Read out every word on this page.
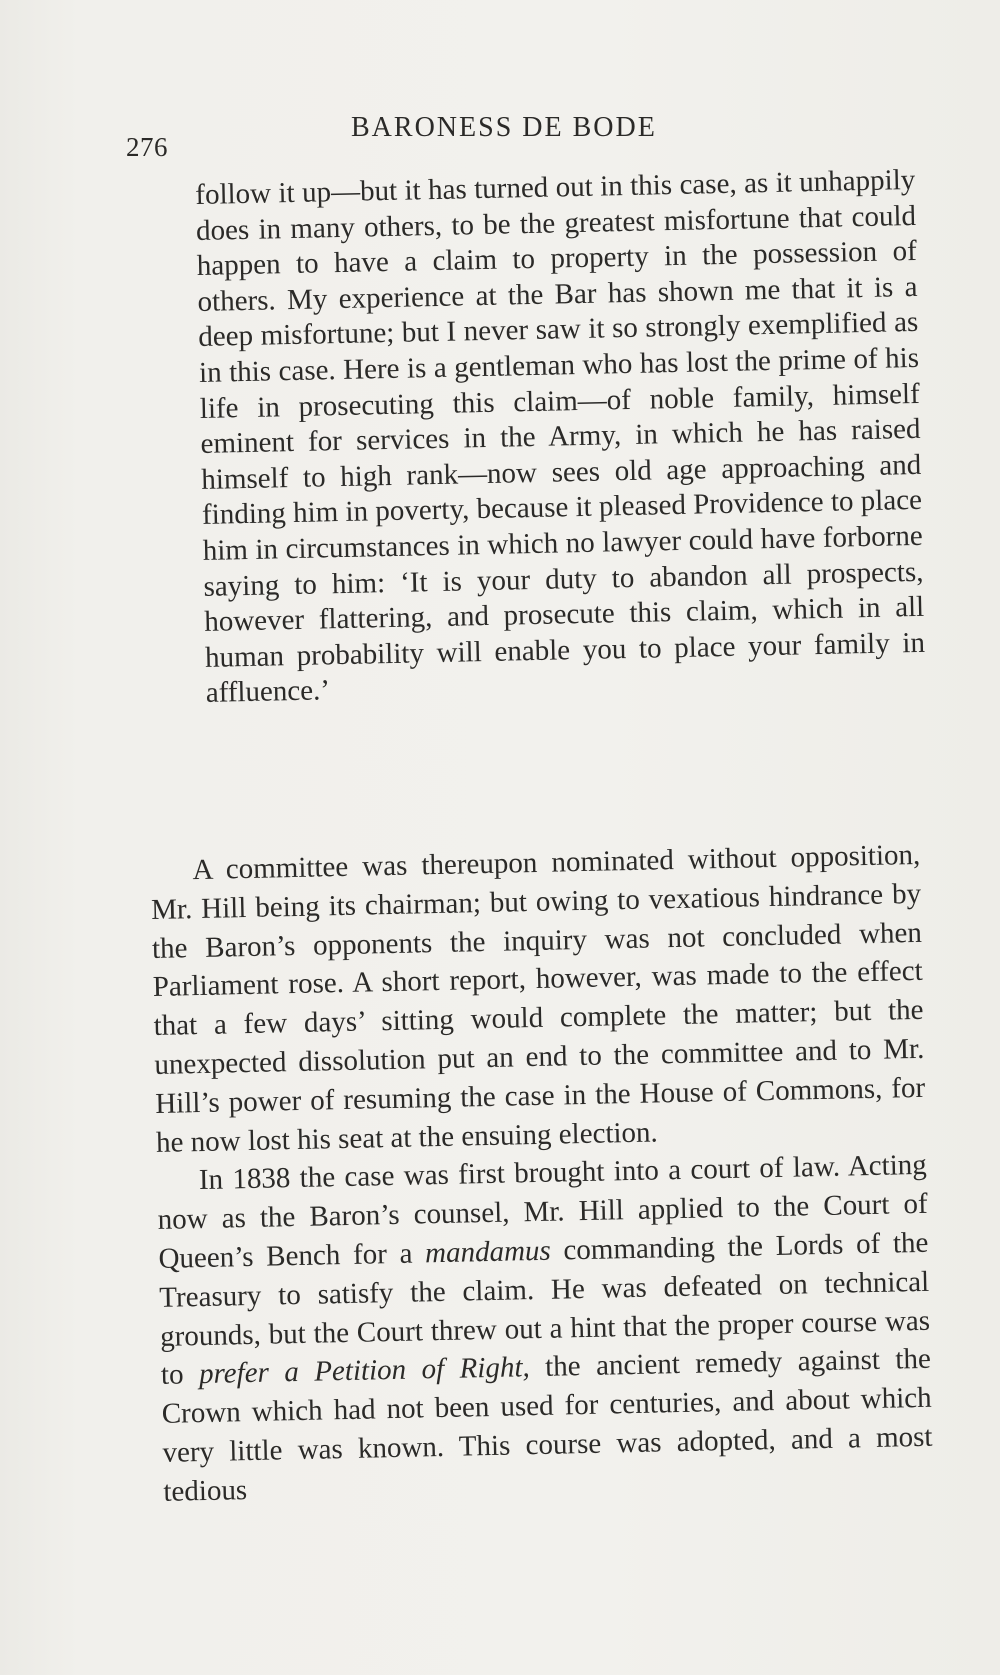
276
BARONESS DE BODE

follow it up—but it has turned out in this case, as it unhappily does in many others, to be the greatest misfortune that could happen to have a claim to property in the possession of others. My experience at the Bar has shown me that it is a deep misfortune; but I never saw it so strongly exemplified as in this case. Here is a gentleman who has lost the prime of his life in prosecuting this claim—of noble family, himself eminent for services in the Army, in which he has raised himself to high rank—now sees old age approaching and finding him in poverty, because it pleased Providence to place him in circumstances in which no lawyer could have forborne saying to him: ‘It is your duty to abandon all prospects, however flattering, and prosecute this claim, which in all human probability will enable you to place your family in affluence.’

A committee was thereupon nominated without opposition, Mr. Hill being its chairman; but owing to vexatious hindrance by the Baron’s opponents the inquiry was not concluded when Parliament rose. A short report, however, was made to the effect that a few days’ sitting would complete the matter; but the unexpected dissolution put an end to the committee and to Mr. Hill’s power of resuming the case in the House of Commons, for he now lost his seat at the ensuing election.

In 1838 the case was first brought into a court of law. Acting now as the Baron’s counsel, Mr. Hill applied to the Court of Queen’s Bench for a mandamus commanding the Lords of the Treasury to satisfy the claim. He was defeated on technical grounds, but the Court threw out a hint that the proper course was to prefer a Petition of Right, the ancient remedy against the Crown which had not been used for centuries, and about which very little was known. This course was adopted, and a most tedious
